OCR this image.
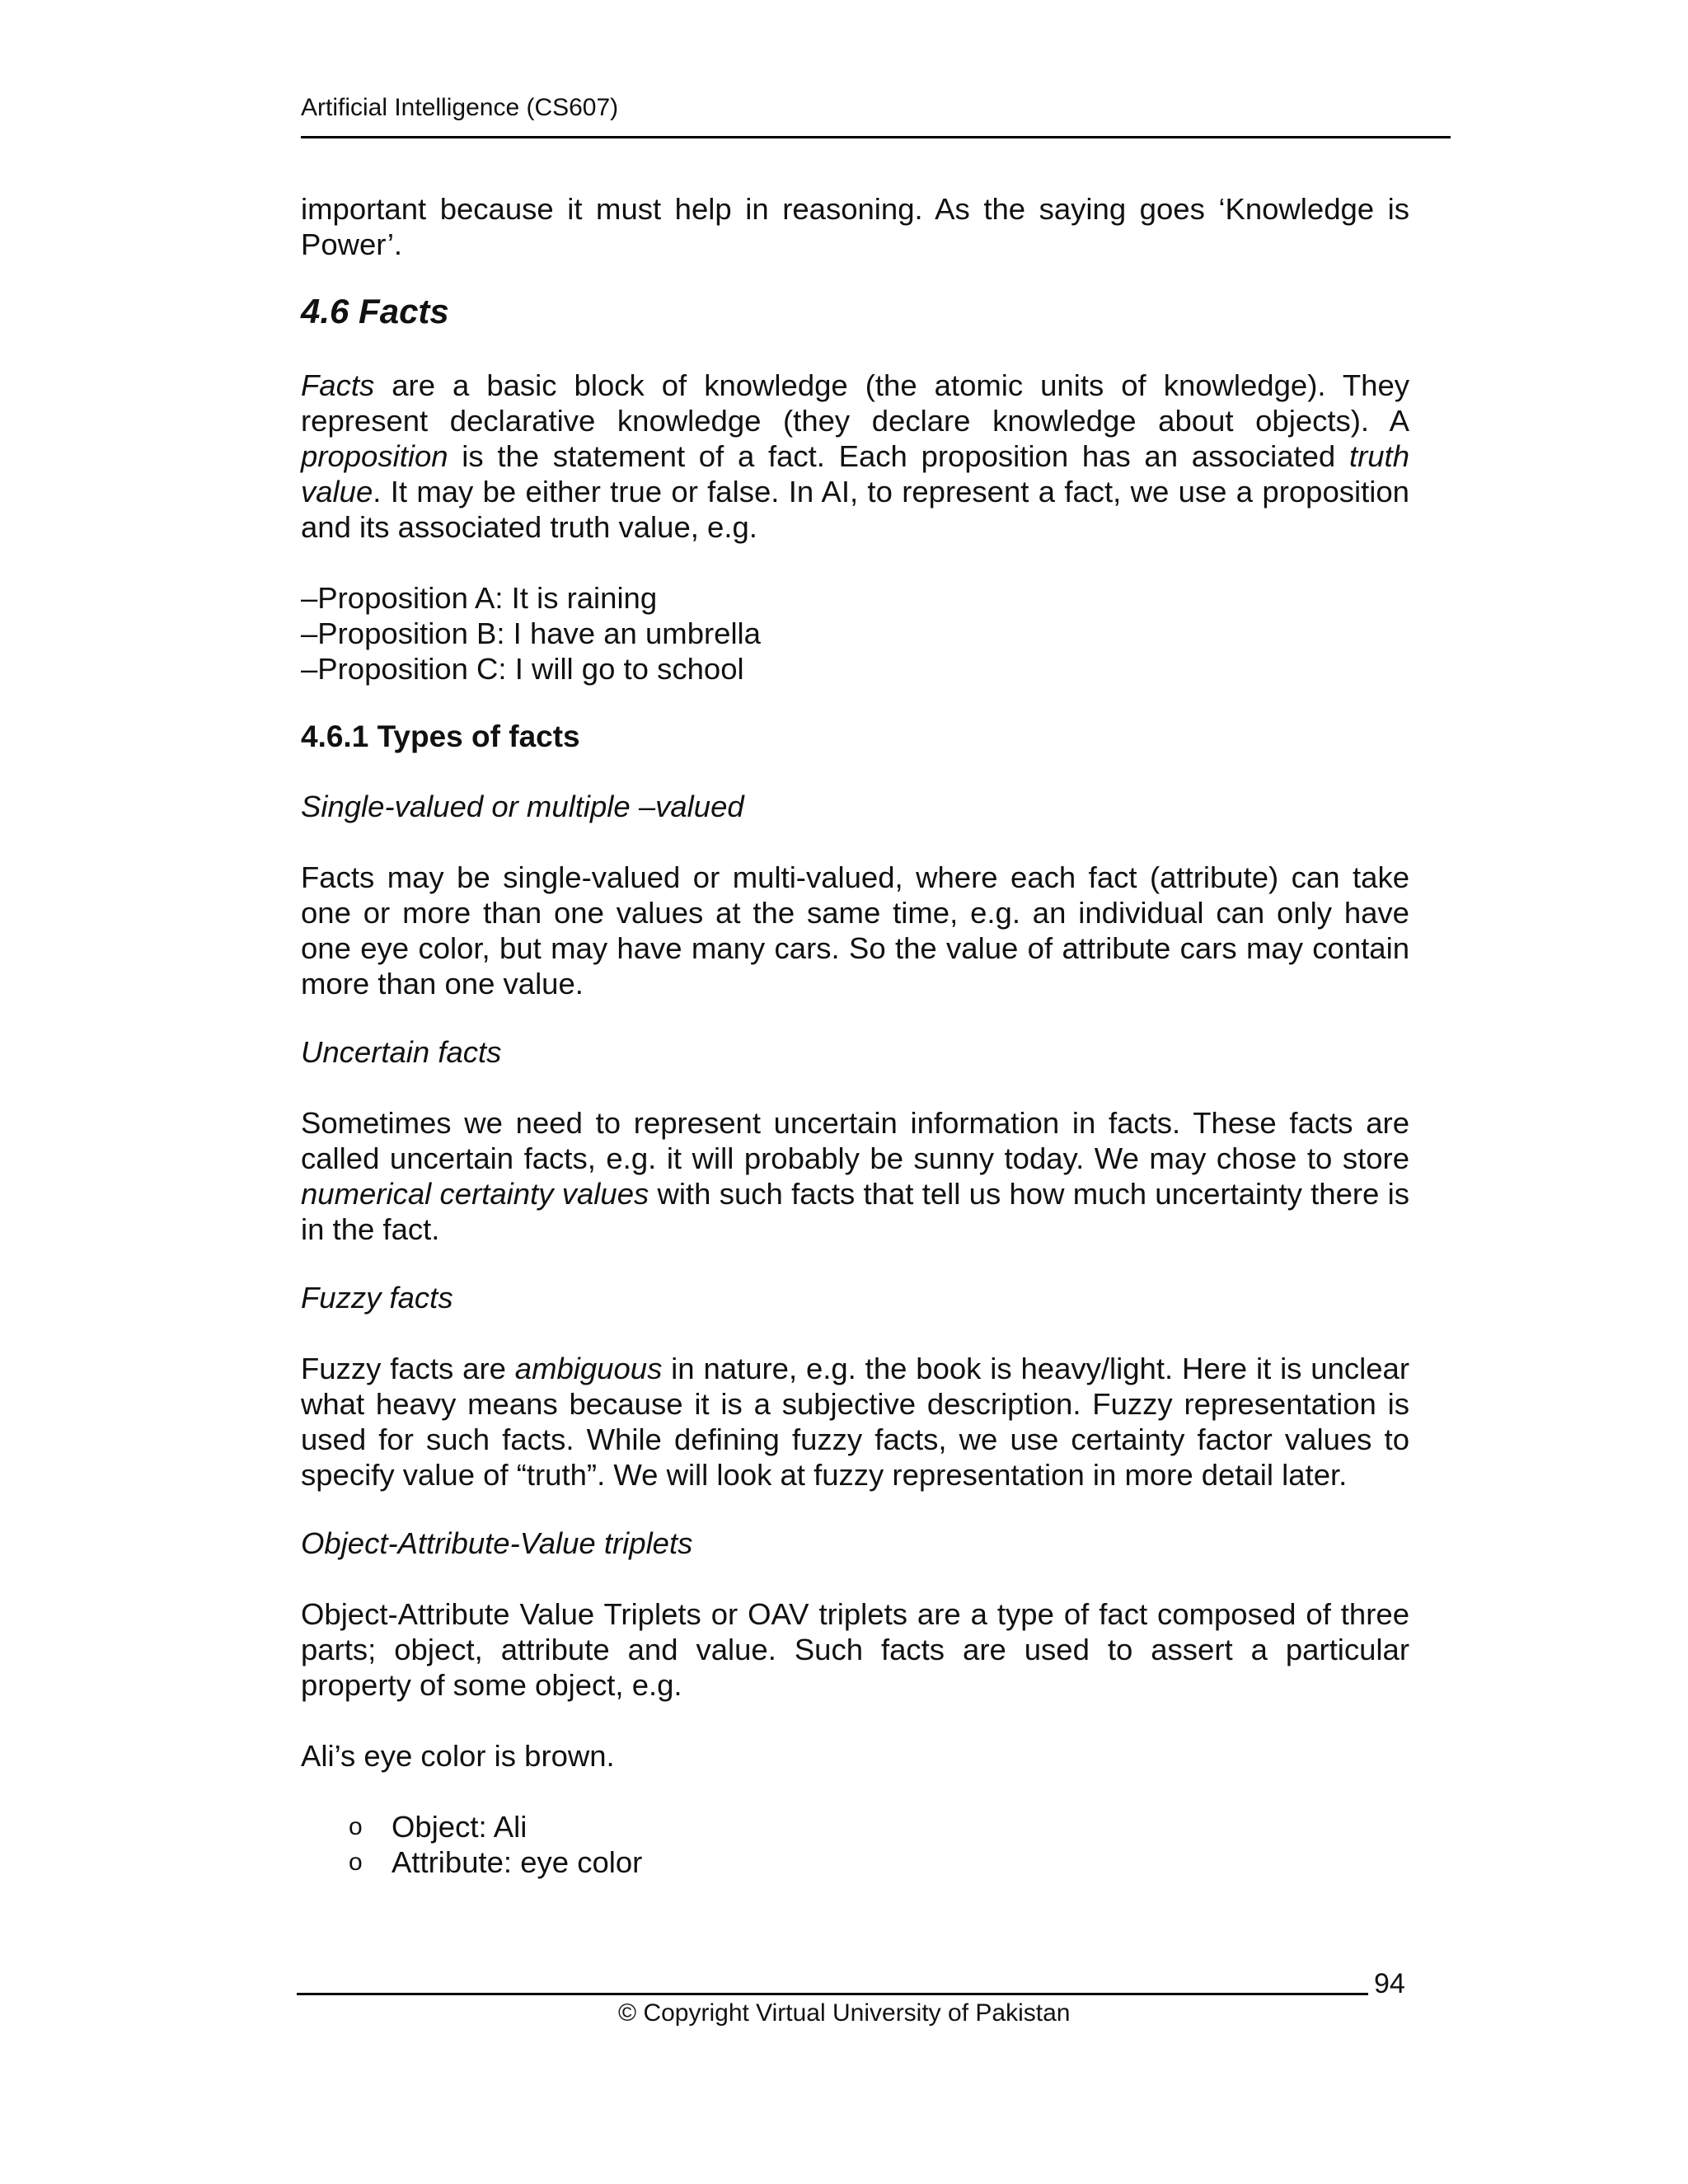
Artificial Intelligence (CS607)

important because it must help in reasoning. As the saying goes ‘Knowledge is Power’.

4.6 Facts

Facts are a basic block of knowledge (the atomic units of knowledge). They represent declarative knowledge (they declare knowledge about objects). A proposition is the statement of a fact. Each proposition has an associated truth value. It may be either true or false. In AI, to represent a fact, we use a proposition and its associated truth value, e.g.

–Proposition A: It is raining
–Proposition B: I have an umbrella
–Proposition C: I will go to school
4.6.1 Types of facts

Single-valued or multiple –valued

Facts may be single-valued or multi-valued, where each fact (attribute) can take one or more than one values at the same time, e.g. an individual can only have one eye color, but may have many cars. So the value of attribute cars may contain more than one value.

Uncertain facts

Sometimes we need to represent uncertain information in facts. These facts are called uncertain facts, e.g. it will probably be sunny today. We may chose to store numerical certainty values with such facts that tell us how much uncertainty there is in the fact.

Fuzzy facts

Fuzzy facts are ambiguous in nature, e.g. the book is heavy/light. Here it is unclear what heavy means because it is a subjective description. Fuzzy representation is used for such facts. While defining fuzzy facts, we use certainty factor values to specify value of “truth”. We will look at fuzzy representation in more detail later.

Object-Attribute-Value triplets

Object-Attribute Value Triplets or OAV triplets are a type of fact composed of three parts; object, attribute and value. Such facts are used to assert a particular property of some object, e.g.

Ali’s eye color is brown.

o Object: Ali
o Attribute: eye color
94
© Copyright Virtual University of Pakistan
